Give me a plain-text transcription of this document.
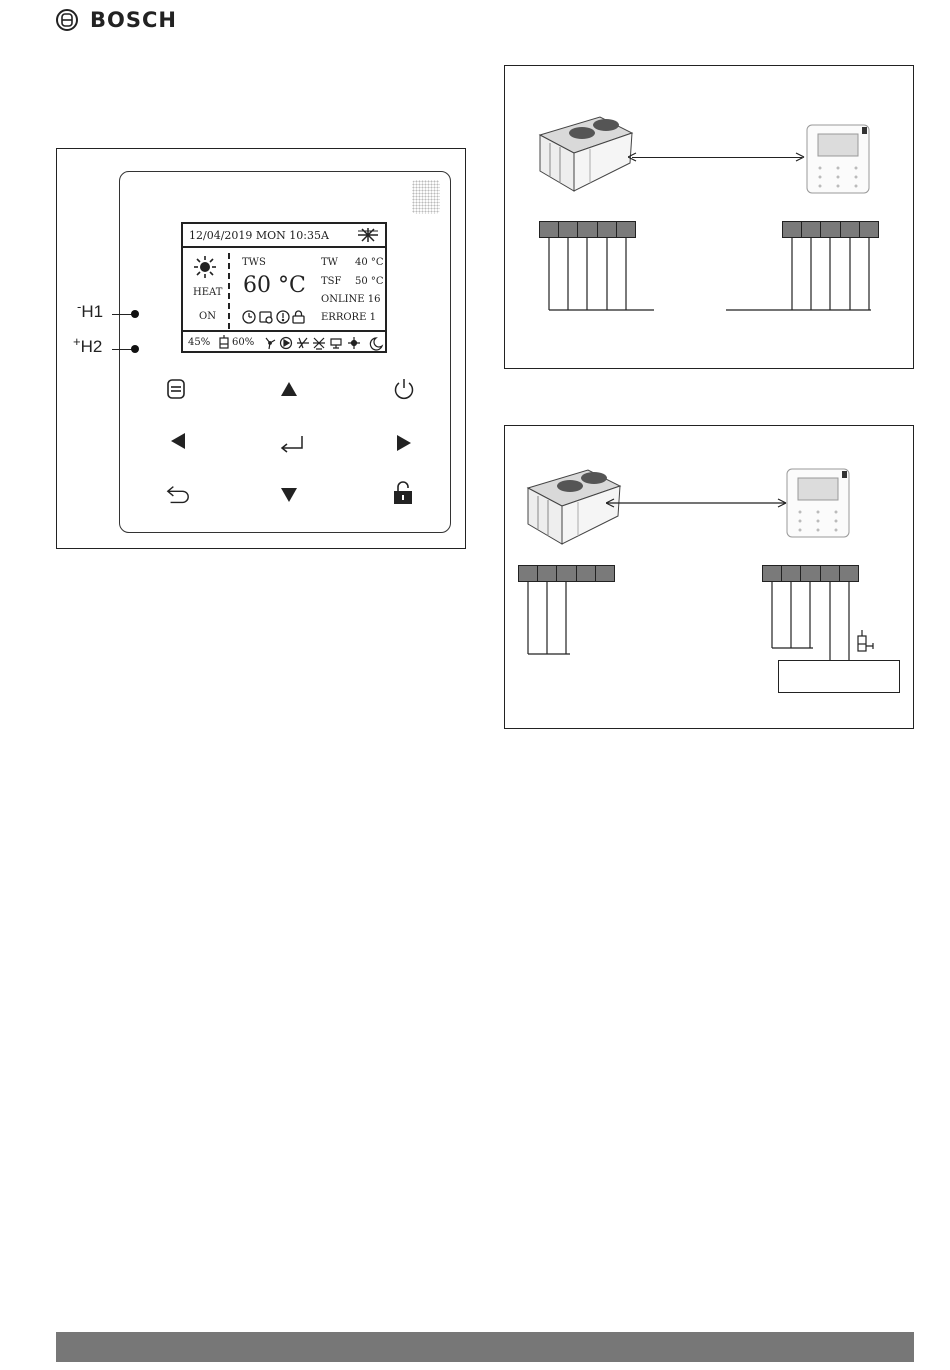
BOSCH
-H1
+H2
12/04/2019 MON 10:35A
HEAT
ON
TWS
60 °C
TW 40 °C
TSF 50 °C
ONLINE 16
ERRORE 1
45% 60%
